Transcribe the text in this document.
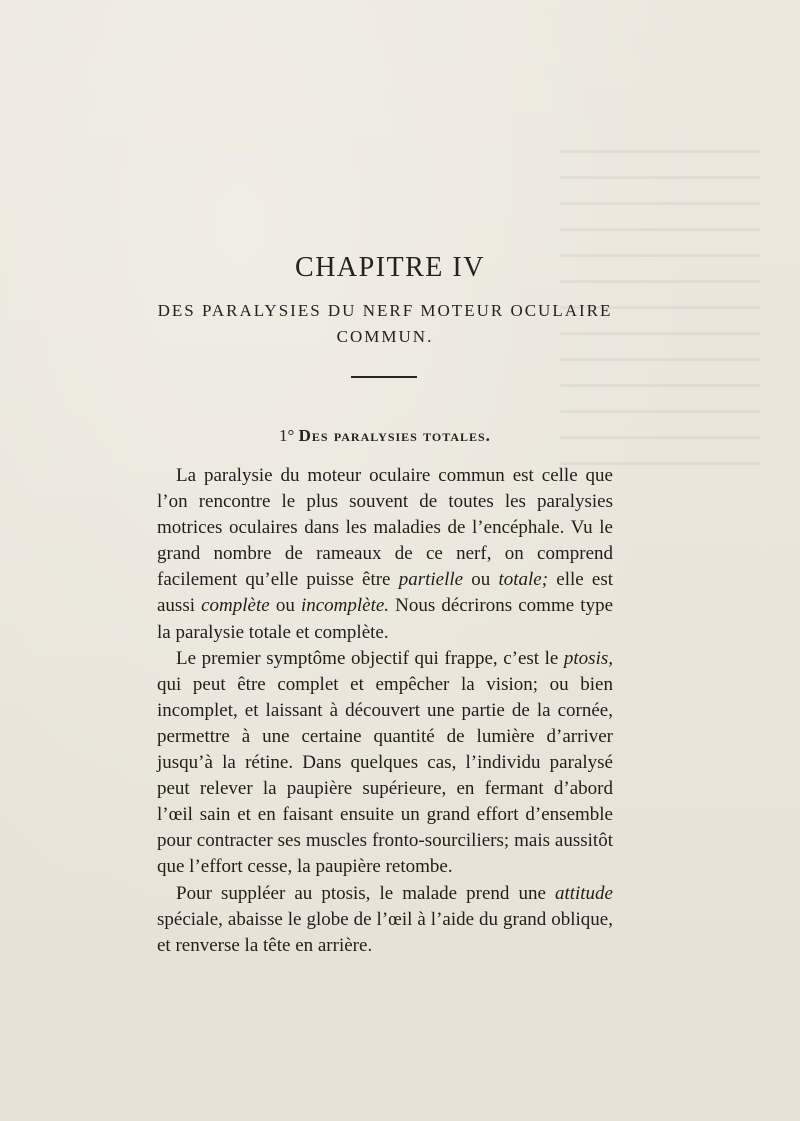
CHAPITRE IV
DES PARALYSIES DU NERF MOTEUR OCULAIRE COMMUN.
1° Des paralysies totales.

La paralysie du moteur oculaire commun est celle que l’on rencontre le plus souvent de toutes les paralysies motrices oculaires dans les maladies de l’encéphale. Vu le grand nombre de rameaux de ce nerf, on comprend facilement qu’elle puisse être partielle ou totale; elle est aussi complète ou incomplète. Nous décrirons comme type la paralysie totale et complète.

Le premier symptôme objectif qui frappe, c’est le ptosis, qui peut être complet et empêcher la vision; ou bien incomplet, et laissant à découvert une partie de la cornée, permettre à une certaine quantité de lumière d’arriver jusqu’à la rétine. Dans quelques cas, l’individu paralysé peut relever la paupière supérieure, en fermant d’abord l’œil sain et en faisant ensuite un grand effort d’ensemble pour contracter ses muscles fronto-sourciliers; mais aussitôt que l’effort cesse, la paupière retombe.

Pour suppléer au ptosis, le malade prend une attitude spéciale, abaisse le globe de l’œil à l’aide du grand oblique, et renverse la tête en arrière.
